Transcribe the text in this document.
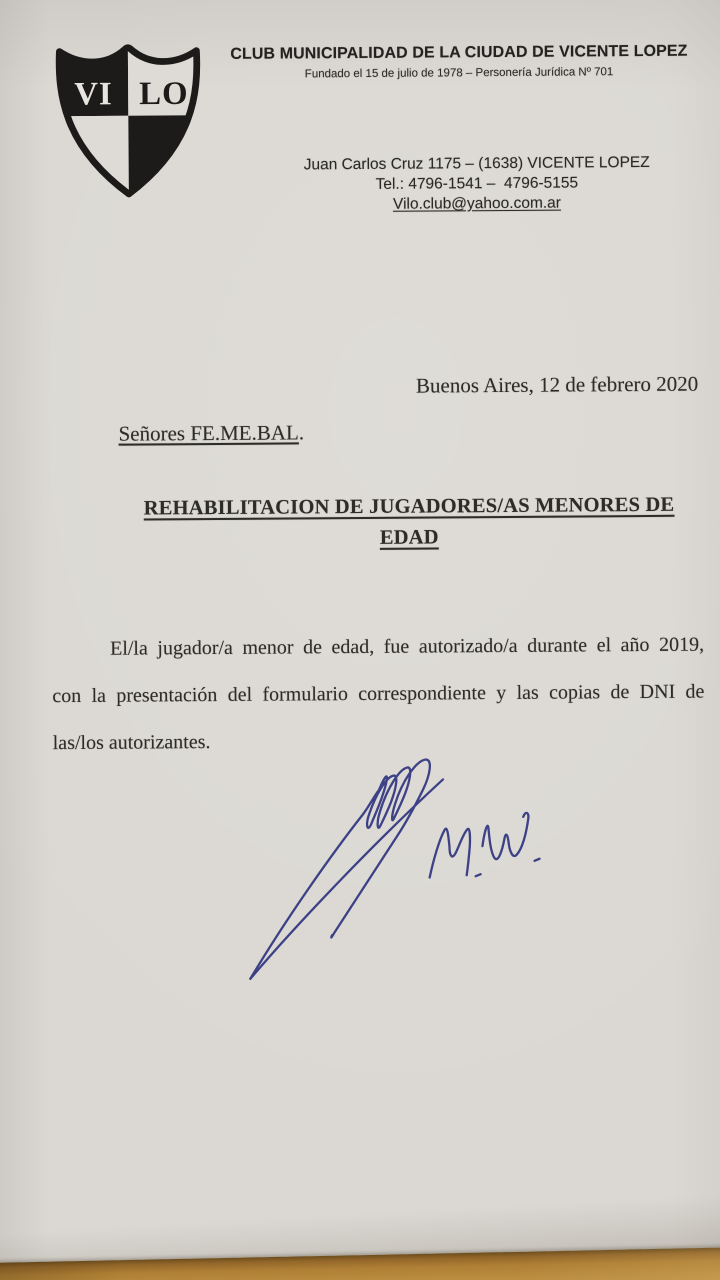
VI LO
CLUB MUNICIPALIDAD DE LA CIUDAD DE VICENTE LOPEZ
Fundado el 15 de julio de 1978 – Personería Jurídica Nº 701
Juan Carlos Cruz 1175 – (1638) VICENTE LOPEZ
Tel.: 4796-1541 –  4796-5155
Vilo.club@yahoo.com.ar
Buenos Aires, 12 de febrero 2020
Señores FE.ME.BAL.
REHABILITACION DE JUGADORES/AS MENORES DE
EDAD
El/la jugador/a menor de edad, fue autorizado/a durante el año 2019,
con la presentación del formulario correspondiente y las copias de DNI de
las/los autorizantes.
